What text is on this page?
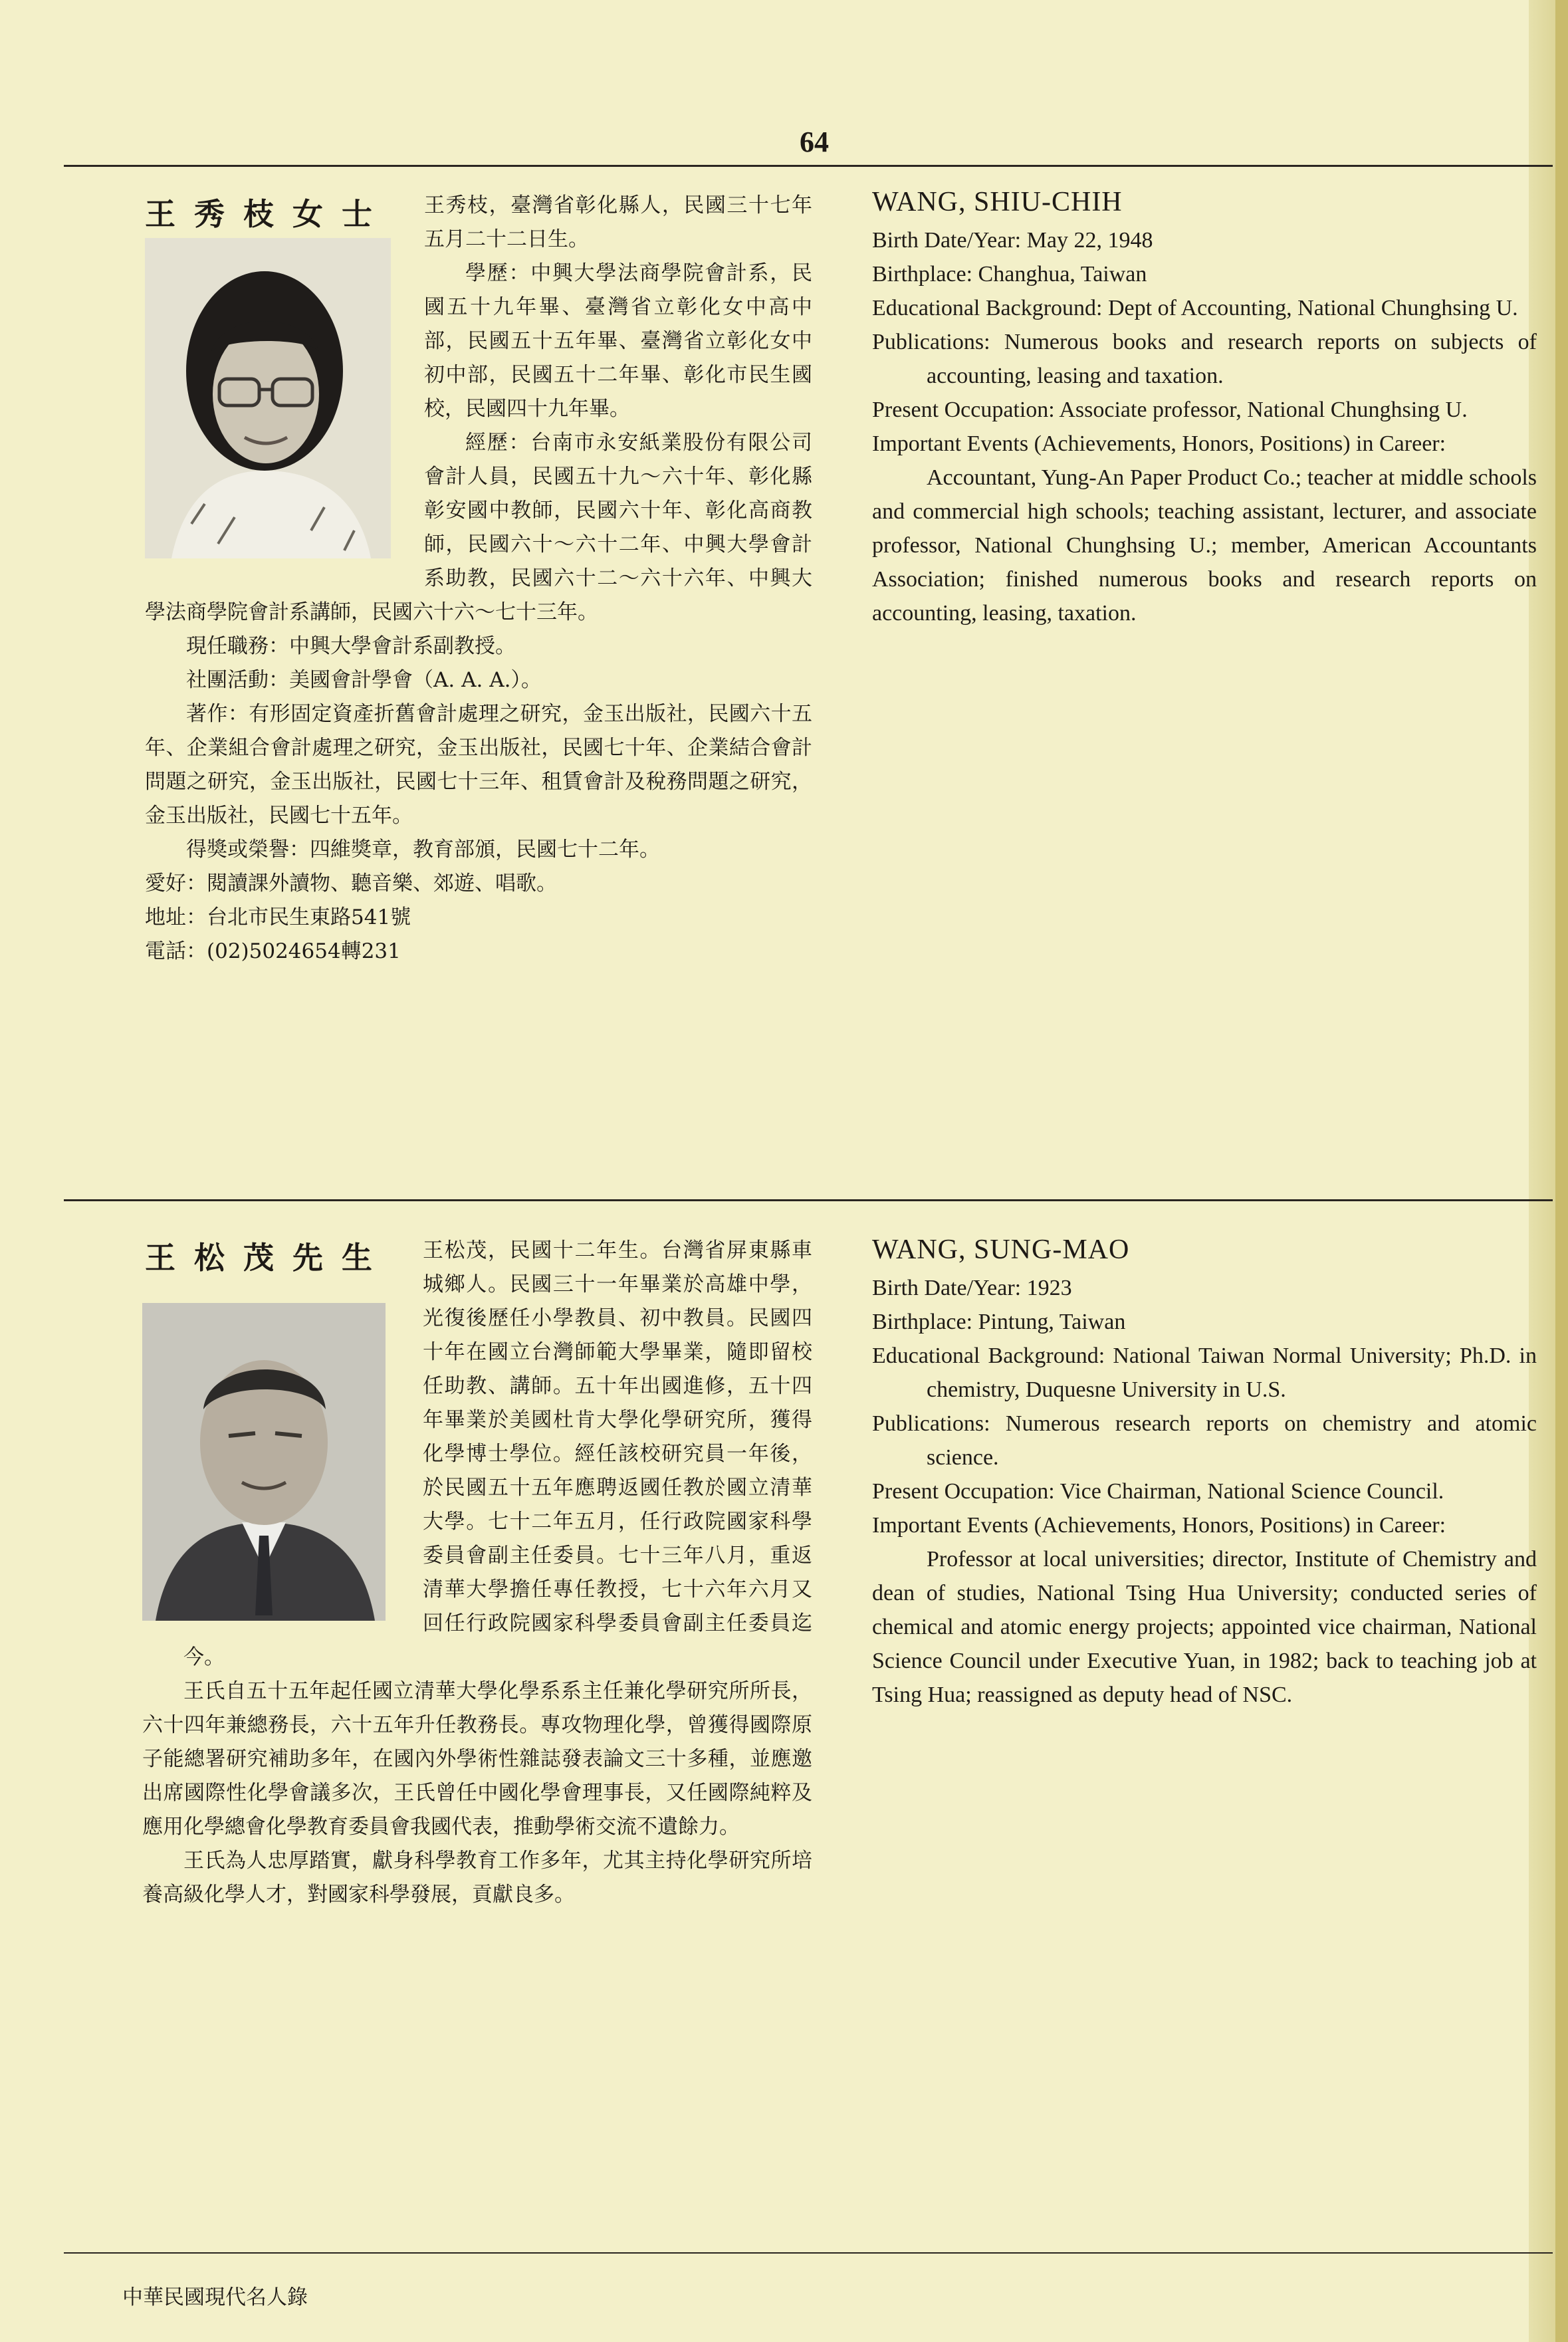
64
王秀枝女士	王秀枝，臺灣省彰化縣人，民國三十七年五月二十二日生。

學歷：中興大學法商學院會計系，民國五十九年畢、臺灣省立彰化女中高中部，民國五十五年畢、臺灣省立彰化女中初中部，民國五十二年畢、彰化市民生國校，民國四十九年畢。

經歷：台南市永安紙業股份有限公司會計人員，民國五十九～六十年、彰化縣彰安國中教師，民國六十年、彰化高商教師，民國六十～六十二年、中興大學會計系助教，民國六十二～六十六年、中興大學法商學院會計系講師，民國六十六～七十三年。

現任職務：中興大學會計系副教授。

社團活動：美國會計學會（A. A. A.）。

著作：有形固定資產折舊會計處理之研究，金玉出版社，民國六十五年、企業組合會計處理之研究，金玉出版社，民國七十年、企業結合會計問題之研究，金玉出版社，民國七十三年、租賃會計及稅務問題之研究，金玉出版社，民國七十五年。

得獎或榮譽：四維獎章，教育部頒，民國七十二年。

愛好：閱讀課外讀物、聽音樂、郊遊、唱歌。
地址：台北市民生東路541號
電話：(02)5024654轉231
WANG, SHIU-CHIH
Birth Date/Year: May 22, 1948
Birthplace: Changhua, Taiwan
Educational Background: Dept of Accounting, National Chunghsing U.
Publications: Numerous books and research reports on subjects of accounting, leasing and taxation.
Present Occupation: Associate professor, National Chunghsing U.
Important Events (Achievements, Honors, Positions) in Career:
Accountant, Yung-An Paper Product Co.; teacher at middle schools and commercial high schools; teaching assistant, lecturer, and associate professor, National Chunghsing U.; member, American Accountants Association; finished numerous books and research reports on accounting, leasing, taxation.
王松茂先生	王松茂，民國十二年生。台灣省屏東縣車城鄉人。民國三十一年畢業於高雄中學，光復後歷任小學教員、初中教員。民國四十年在國立台灣師範大學畢業，隨即留校任助教、講師。五十年出國進修，五十四年畢業於美國杜肯大學化學研究所，獲得化學博士學位。經任該校研究員一年後，於民國五十五年應聘返國任教於國立清華大學。七十二年五月，任行政院國家科學委員會副主任委員。七十三年八月，重返清華大學擔任專任教授，七十六年六月又回任行政院國家科學委員會副主任委員迄今。

王氏自五十五年起任國立清華大學化學系系主任兼化學研究所所長，六十四年兼總務長，六十五年升任教務長。專攻物理化學，曾獲得國際原子能總署研究補助多年，在國內外學術性雜誌發表論文三十多種，並應邀出席國際性化學會議多次，王氏曾任中國化學會理事長，又任國際純粹及應用化學總會化學教育委員會我國代表，推動學術交流不遺餘力。

王氏為人忠厚踏實，獻身科學教育工作多年，尤其主持化學研究所培養高級化學人才，對國家科學發展，貢獻良多。

WANG, SUNG-MAO
Birth Date/Year: 1923
Birthplace: Pintung, Taiwan
Educational Background: National Taiwan Normal University; Ph.D. in chemistry, Duquesne University in U.S.
Publications: Numerous research reports on chemistry and atomic science.
Present Occupation: Vice Chairman, National Science Council.
Important Events (Achievements, Honors, Positions) in Career:
Professor at local universities; director, Institute of Chemistry and dean of studies, National Tsing Hua University; conducted series of chemical and atomic energy projects; appointed vice chairman, National Science Council under Executive Yuan, in 1982; back to teaching job at Tsing Hua; reassigned as deputy head of NSC.
中華民國現代名人錄
